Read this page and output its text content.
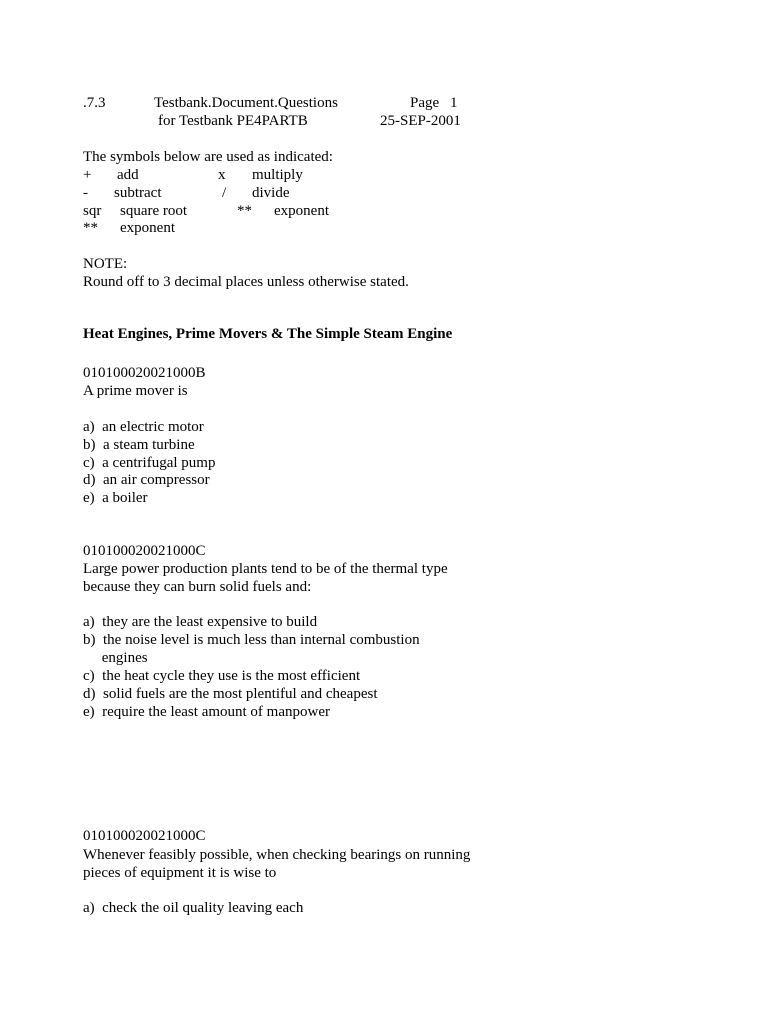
.7.3	Testbank.Document.Questions	Page 1
for Testbank PE4PARTB	25-SEP-2001
The symbols below are used as indicated:
+ add	x multiply
- subtract	/ divide
sqr square root	** exponent
** exponent
NOTE:
Round off to 3 decimal places unless otherwise stated.
Heat Engines, Prime Movers & The Simple Steam Engine
010100020021000B
A prime mover is
a)  an electric motor
b)  a steam turbine
c)  a centrifugal pump
d)  an air compressor
e)  a boiler
010100020021000C
Large power production plants tend to be of the thermal type
because they can burn solid fuels and:
a)  they are the least expensive to build
b)  the noise level is much less than internal combustion
engines
c)  the heat cycle they use is the most efficient
d)  solid fuels are the most plentiful and cheapest
e)  require the least amount of manpower
010100020021000C
Whenever feasibly possible, when checking bearings on running
pieces of equipment it is wise to
a)  check the oil quality leaving each
